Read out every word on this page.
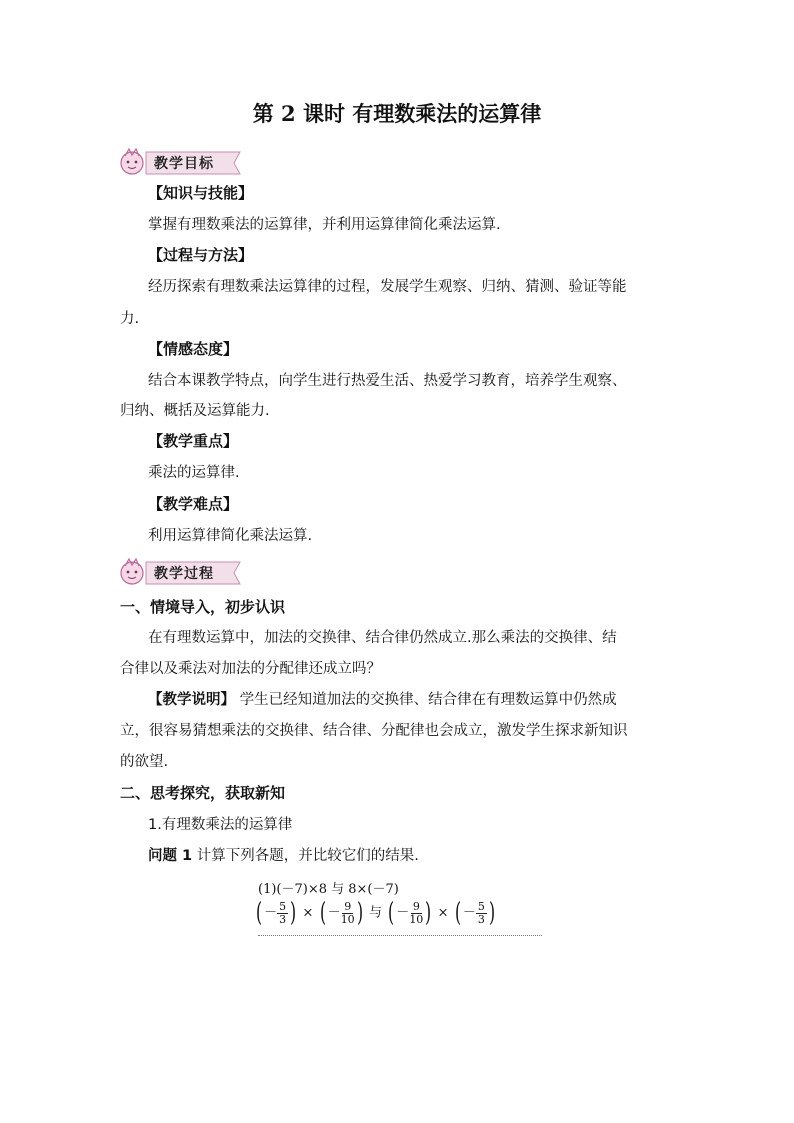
第 2 课时 有理数乘法的运算律
教学目标
【知识与技能】
掌握有理数乘法的运算律，并利用运算律简化乘法运算.
【过程与方法】
经历探索有理数乘法运算律的过程，发展学生观察、归纳、猜测、验证等能
力.
【情感态度】
结合本课教学特点，向学生进行热爱生活、热爱学习教育，培养学生观察、
归纳、概括及运算能力.
【教学重点】
乘法的运算律.
【教学难点】
利用运算律简化乘法运算.
教学过程
一、情境导入，初步认识
在有理数运算中，加法的交换律、结合律仍然成立.那么乘法的交换律、结
合律以及乘法对加法的分配律还成立吗？
【教学说明】 学生已经知道加法的交换律、结合律在有理数运算中仍然成
立，很容易猜想乘法的交换律、结合律、分配律也会成立，激发学生探求新知识
的欲望.
二、思考探究，获取新知
1.有理数乘法的运算律
问题 1 计算下列各题，并比较它们的结果.
(1)(－7)×8 与 8×(－7)
( － $\frac{5}{3}$ ) × ( － $\frac{9}{10}$ ) 与 ( － $\frac{9}{10}$ ) × ( － $\frac{5}{3}$ )
